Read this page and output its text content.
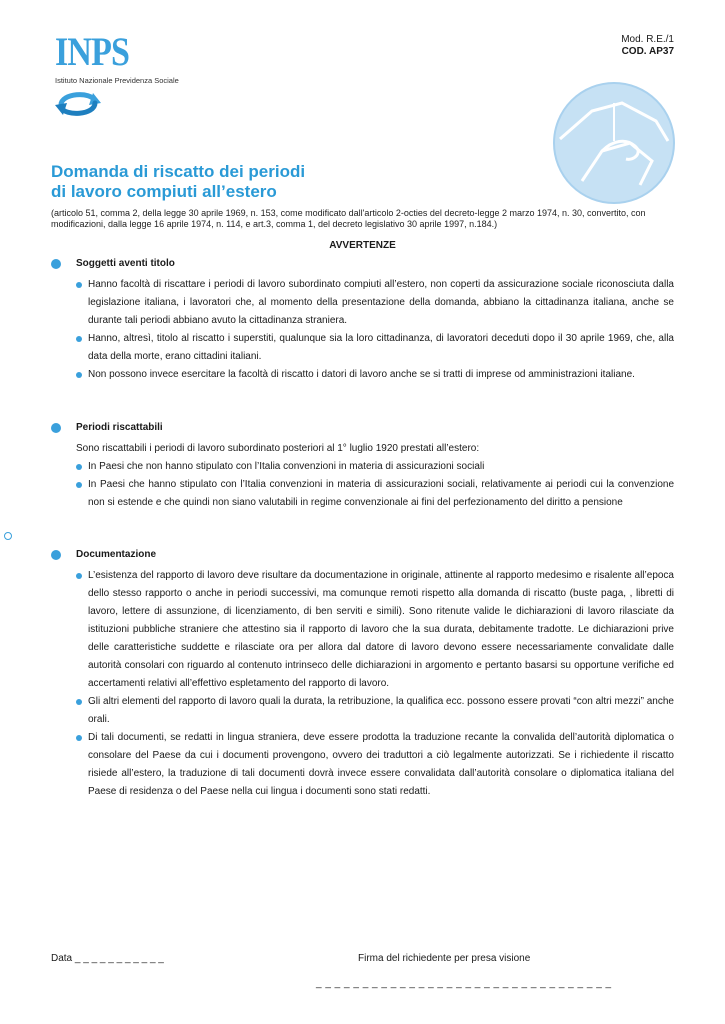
INPS
Istituto Nazionale Previdenza Sociale
Mod. R.E./1
COD. AP37
Domanda di riscatto dei periodi
di lavoro compiuti all’estero
(articolo 51, comma 2, della legge 30 aprile 1969, n. 153, come modificato dall'articolo 2-octies del decreto-legge 2 marzo 1974, n. 30, convertito, con modificazioni, dalla legge 16 aprile 1974, n. 114, e art.3, comma 1, del decreto legislativo 30 aprile 1997, n.184.)
AVVERTENZE
Soggetti aventi titolo
Hanno facoltà di riscattare i periodi di lavoro subordinato compiuti all’estero, non coperti da assicurazione sociale riconosciuta dalla legislazione italiana, i lavoratori che, al momento della presentazione della domanda, abbiano la cittadinanza italiana, anche se durante tali periodi abbiano avuto la cittadinanza straniera.
Hanno, altresì, titolo al riscatto i superstiti, qualunque sia la loro cittadinanza, di lavoratori deceduti dopo il 30 aprile 1969, che, alla data della morte, erano cittadini italiani.
Non possono invece esercitare la facoltà di riscatto i datori di lavoro anche se si tratti di imprese od amministrazioni italiane.
Periodi riscattabili

Sono riscattabili i periodi di lavoro subordinato posteriori al 1° luglio 1920 prestati all’estero:

In Paesi che non hanno stipulato con l’Italia convenzioni in materia di assicurazioni sociali
In Paesi che hanno stipulato con l’Italia convenzioni in materia di assicurazioni sociali, relativamente ai periodi cui la convenzione non si estende e che quindi non siano valutabili in regime convenzionale ai fini del perfezionamento del diritto a pensione
Documentazione
L’esistenza del rapporto di lavoro deve risultare da documentazione in originale, attinente al rapporto medesimo e risalente all’epoca dello stesso rapporto o anche in periodi successivi, ma comunque remoti rispetto alla domanda di riscatto (buste paga, , libretti di lavoro, lettere di assunzione, di licenziamento, di ben serviti e simili). Sono ritenute valide le dichiarazioni di lavoro rilasciate da istituzioni pubbliche straniere che attestino sia il rapporto di lavoro che la sua durata, debitamente tradotte. Le dichiarazioni prive delle caratteristiche suddette e rilasciate ora per allora dal datore di lavoro devono essere necessariamente convalidate dalle autorità consolari con riguardo al contenuto intrinseco delle dichiarazioni in argomento e pertanto basarsi su opportune verifiche ed accertamenti relativi all’effettivo espletamento del rapporto di lavoro.
Gli altri elementi del rapporto di lavoro quali la durata, la retribuzione, la qualifica ecc. possono essere provati “con altri mezzi” anche orali.
Di tali documenti, se redatti in lingua straniera, deve essere prodotta la traduzione recante la convalida dell’autorità diplomatica o consolare del Paese da cui i documenti provengono, ovvero dei traduttori a ciò legalmente autorizzati. Se i richiedente il riscatto risiede all’estero, la traduzione di tali documenti dovrà invece essere convalidata dall’autorità consolare o diplomatica italiana del Paese di residenza o del Paese nella cui lingua i documenti sono stati redatti.
Data _ _ _ _ _ _ _ _ _ _ _	Firma del richiedente per presa visione
_ _ _ _ _ _ _ _ _ _ _ _ _ _ _ _ _ _ _ _ _ _ _ _ _ _ _ _ _ _ _ _
